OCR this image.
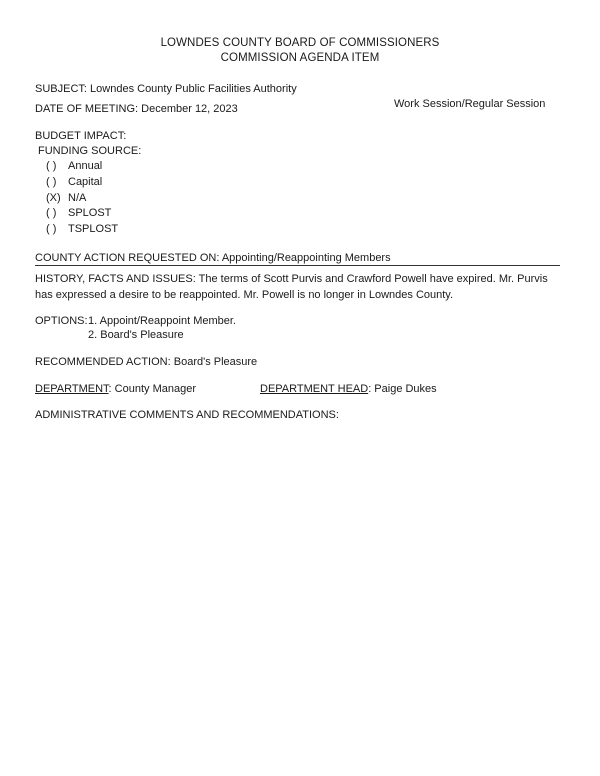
LOWNDES COUNTY BOARD OF COMMISSIONERS
COMMISSION AGENDA ITEM
SUBJECT: Lowndes County Public Facilities Authority
DATE OF MEETING: December 12, 2023	Work Session/Regular Session
BUDGET IMPACT:
FUNDING SOURCE:
( )	Annual
( )	Capital
(X) N/A
( )	SPLOST
( )	TSPLOST
COUNTY ACTION REQUESTED ON: Appointing/Reappointing Members
HISTORY, FACTS AND ISSUES: The terms of Scott Purvis and Crawford Powell have expired. Mr. Purvis has expressed a desire to be reappointed. Mr. Powell is no longer in Lowndes County.
OPTIONS: 1. Appoint/Reappoint Member.
2. Board's Pleasure
RECOMMENDED ACTION: Board's Pleasure
DEPARTMENT: County Manager	DEPARTMENT HEAD: Paige Dukes
ADMINISTRATIVE COMMENTS AND RECOMMENDATIONS:
